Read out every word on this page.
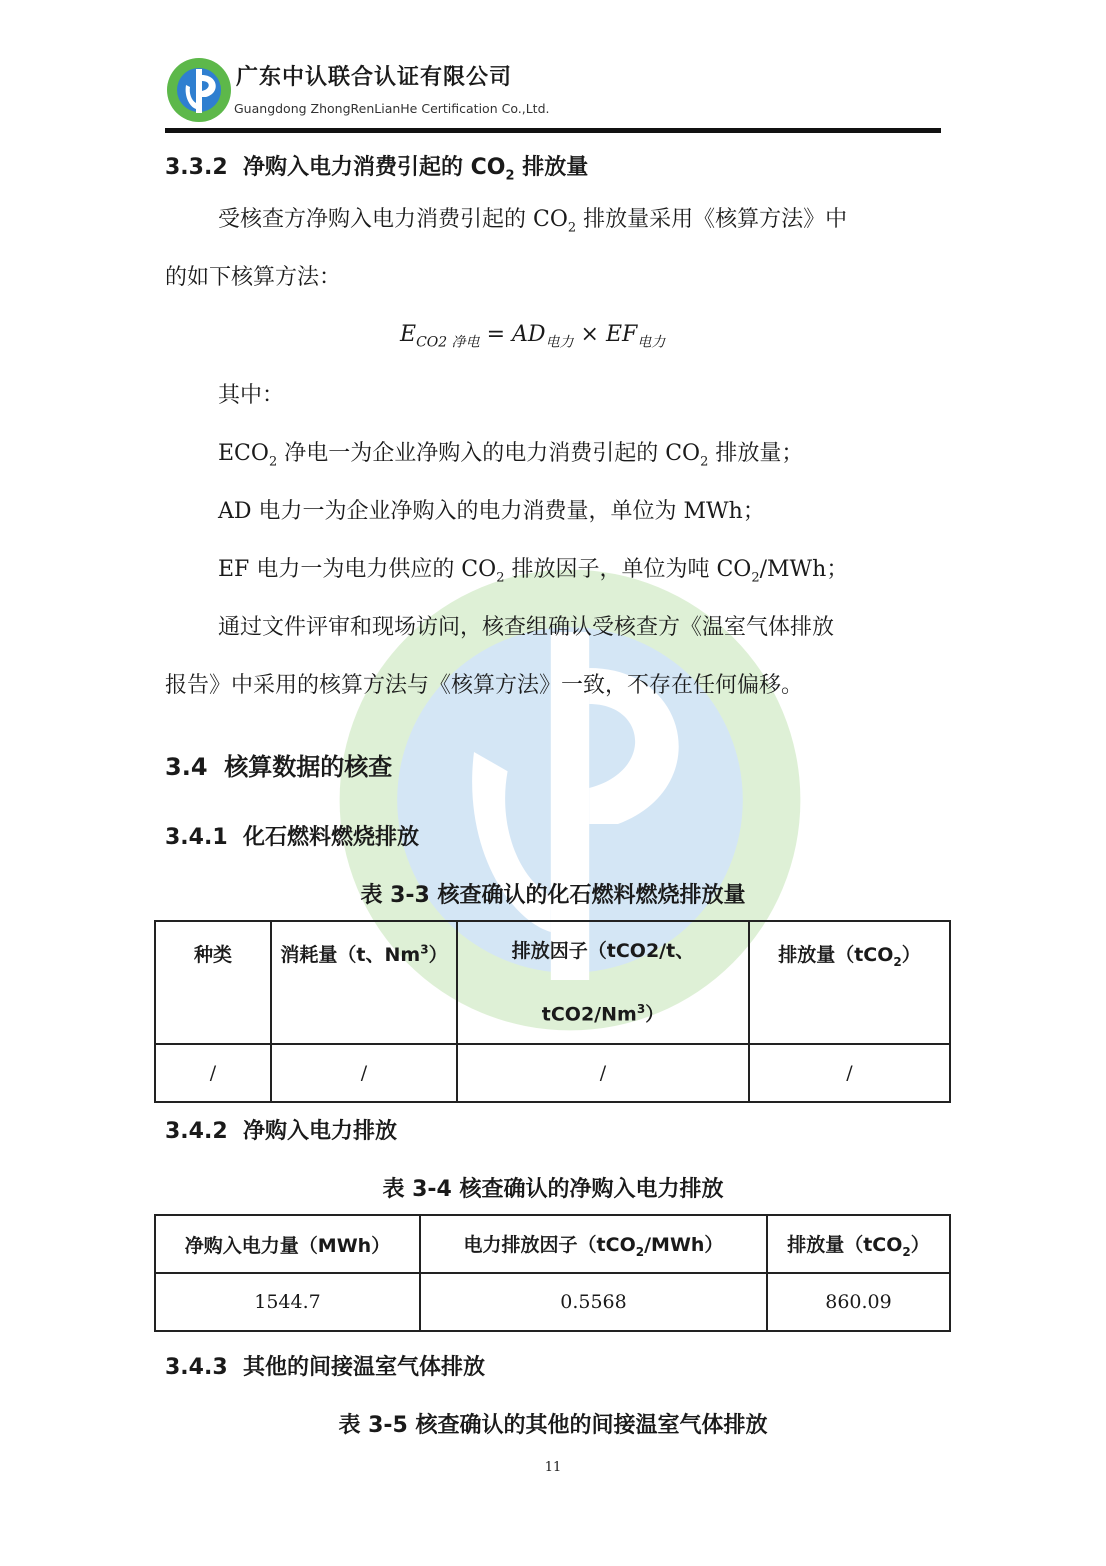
广东中认联合认证有限公司
Guangdong ZhongRenLianHe Certification Co.,Ltd.
3.3.2 净购入电力消费引起的 $CO_2$ 排放量
受核查方净购入电力消费引起的 $CO_2$ 排放量采用《核算方法》中
的如下核算方法：
$E_{CO2 净电} = AD_{电力} \times EF_{电力}$
其中：
$ECO_2$ 净电一为企业净购入的电力消费引起的 $CO_2$ 排放量；
AD 电力一为企业净购入的电力消费量，单位为 MWh；
EF 电力一为电力供应的 $CO_2$ 排放因子，单位为吨 $CO_2$/MWh；
通过文件评审和现场访问，核查组确认受核查方《温室气体排放
报告》中采用的核算方法与《核算方法》一致，不存在任何偏移。
3.4 核算数据的核查
3.4.1 化石燃料燃烧排放
表 3-3 核查确认的化石燃料燃烧排放量
种类	消耗量（t、Nm$^3$）	排放因子（tCO2/t、
tCO2/Nm$^3$）	排放量（tCO$_2$）
/	/	/	/
3.4.2 净购入电力排放
表 3-4 核查确认的净购入电力排放
净购入电力量（MWh）	电力排放因子（tCO$_2$/MWh）	排放量（tCO$_2$）
1544.7	0.5568	860.09
3.4.3 其他的间接温室气体排放
表 3-5 核查确认的其他的间接温室气体排放
11
